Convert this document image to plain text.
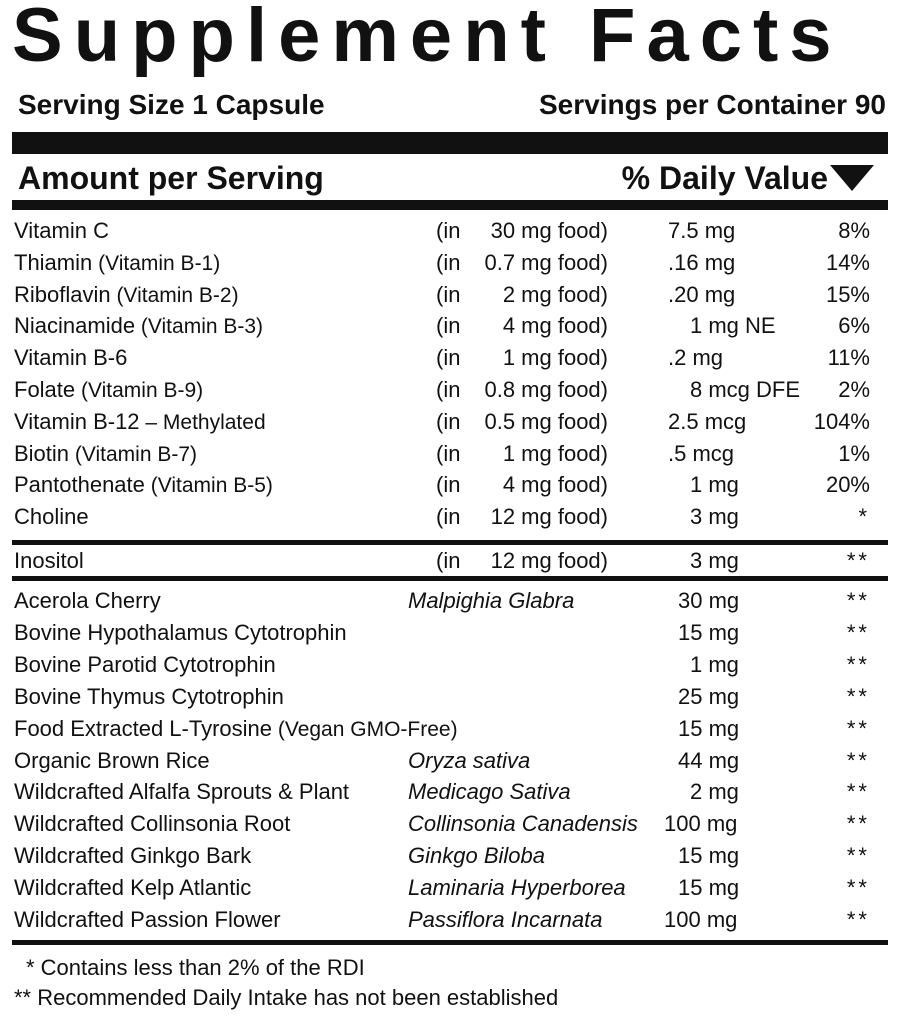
Supplement Facts
Serving Size 1 Capsule	Servings per Container 90
Amount per Serving	% Daily Value
Vitamin C	(in	30 mg food)	7.5 mg	8%
Thiamin (Vitamin B-1)	(in	0.7 mg food)	.16 mg	14%
Riboflavin (Vitamin B-2)	(in	2 mg food)	.20 mg	15%
Niacinamide (Vitamin B-3)	(in	4 mg food)	1 mg NE	6%
Vitamin B-6	(in	1 mg food)	.2 mg	11%
Folate (Vitamin B-9)	(in	0.8 mg food)	8 mcg DFE 2%
Vitamin B-12 – Methylated	(in	0.5 mg food)	2.5 mcg	104%
Biotin (Vitamin B-7)	(in	1 mg food)	.5 mcg	1%
Pantothenate (Vitamin B-5)	(in	4 mg food)	1 mg	20%
Choline	(in	12 mg food)	3 mg	*
Inositol	(in	12 mg food)	3 mg	**
Acerola Cherry	Malpighia Glabra	30 mg	**
Bovine Hypothalamus Cytotrophin	15 mg	**
Bovine Parotid Cytotrophin	1 mg	**
Bovine Thymus Cytotrophin	25 mg	**
Food Extracted L-Tyrosine (Vegan GMO-Free)	15 mg	**
Organic Brown Rice	Oryza sativa	44 mg	**
Wildcrafted Alfalfa Sprouts & Plant	Medicago Sativa	2 mg	**
Wildcrafted Collinsonia Root	Collinsonia Canadensis 100 mg	**
Wildcrafted Ginkgo Bark	Ginkgo Biloba	15 mg	**
Wildcrafted Kelp Atlantic	Laminaria Hyperborea 15 mg	**
Wildcrafted Passion Flower	Passiflora Incarnata	100 mg	**
* Contains less than 2% of the RDI
** Recommended Daily Intake has not been established
